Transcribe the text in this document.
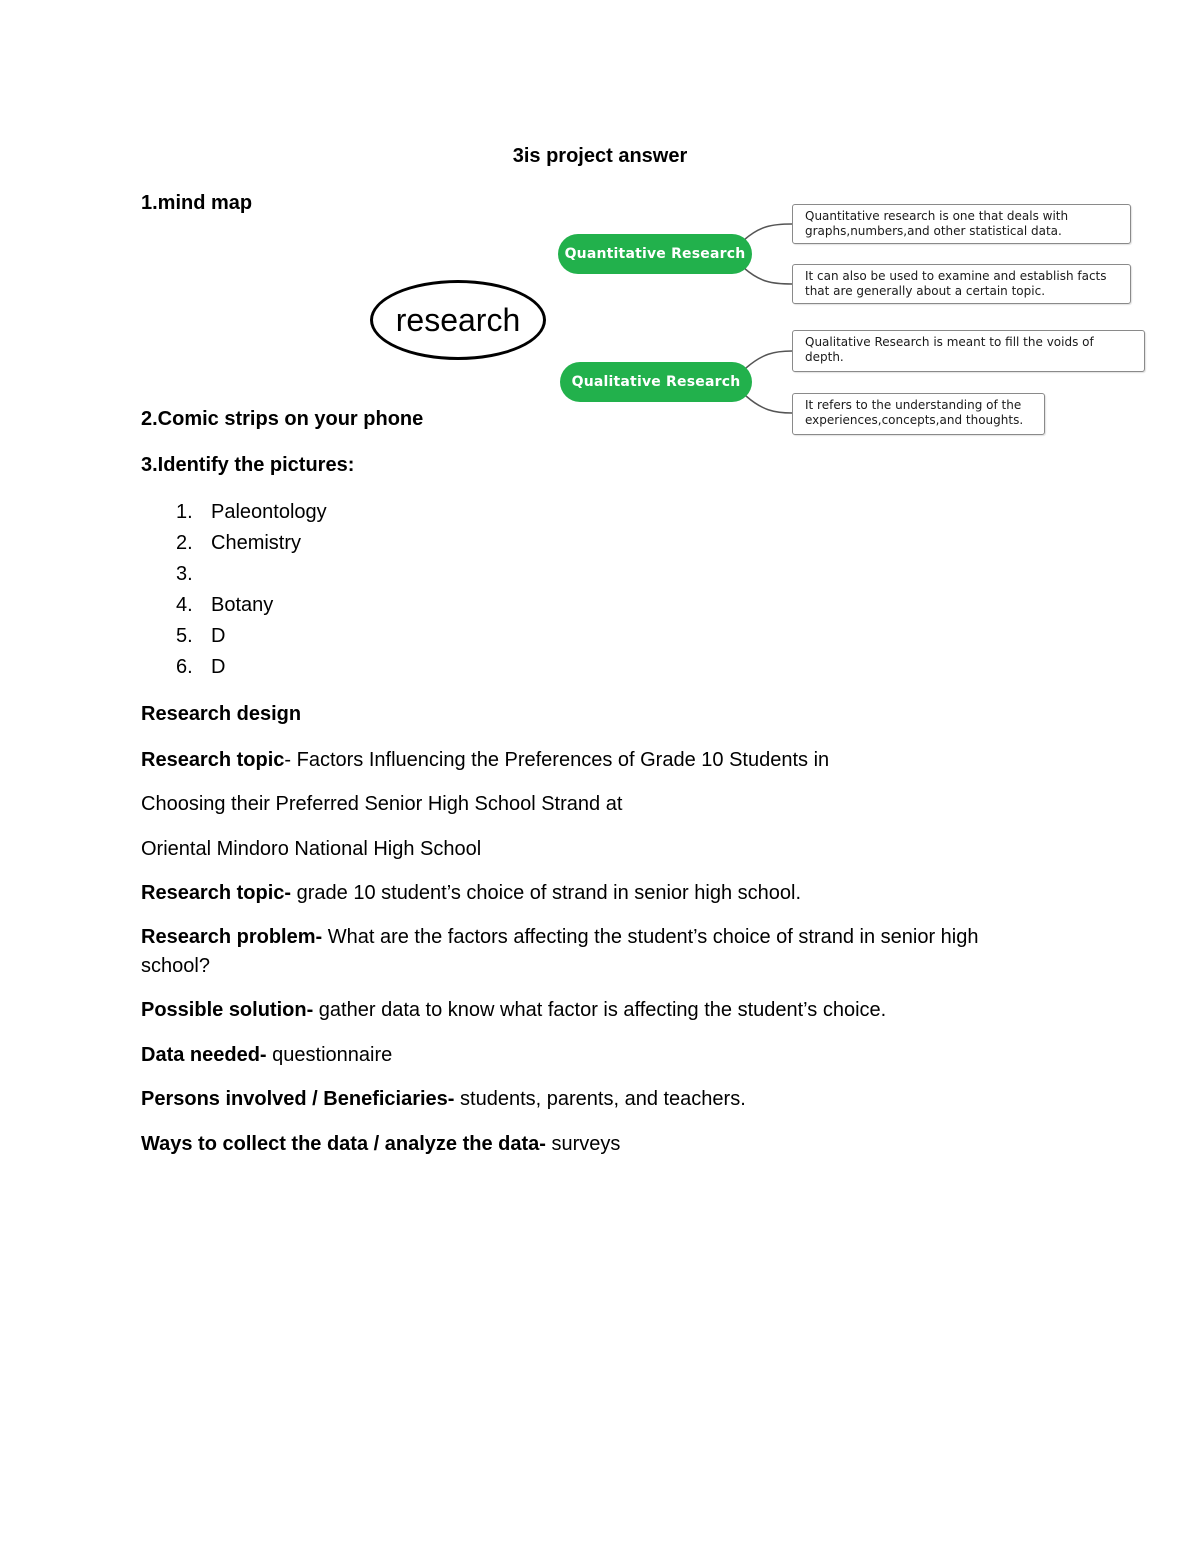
3is project answer
1.mind map
research
Quantitative Research
Qualitative Research
Quantitative research is one that deals with graphs,numbers,and other statistical data.
It can also be used to examine and establish facts that are generally about a certain topic.
Qualitative Research is meant to fill the voids of depth.
It refers to the understanding of the experiences,concepts,and thoughts.
2.Comic strips on your phone
3.Identify the pictures:
1. Paleontology
2. Chemistry
3.
4. Botany
5. D
6. D
Research design
Research topic- Factors Influencing the Preferences of Grade 10 Students in
Choosing their Preferred Senior High School Strand at
Oriental Mindoro National High School
Research topic- grade 10 student’s choice of strand in senior high school.
Research problem- What are the factors affecting the student’s choice of strand in senior high
school?
Possible solution- gather data to know what factor is affecting the student’s choice.
Data needed- questionnaire
Persons involved / Beneficiaries- students, parents, and teachers.
Ways to collect the data / analyze the data- surveys
